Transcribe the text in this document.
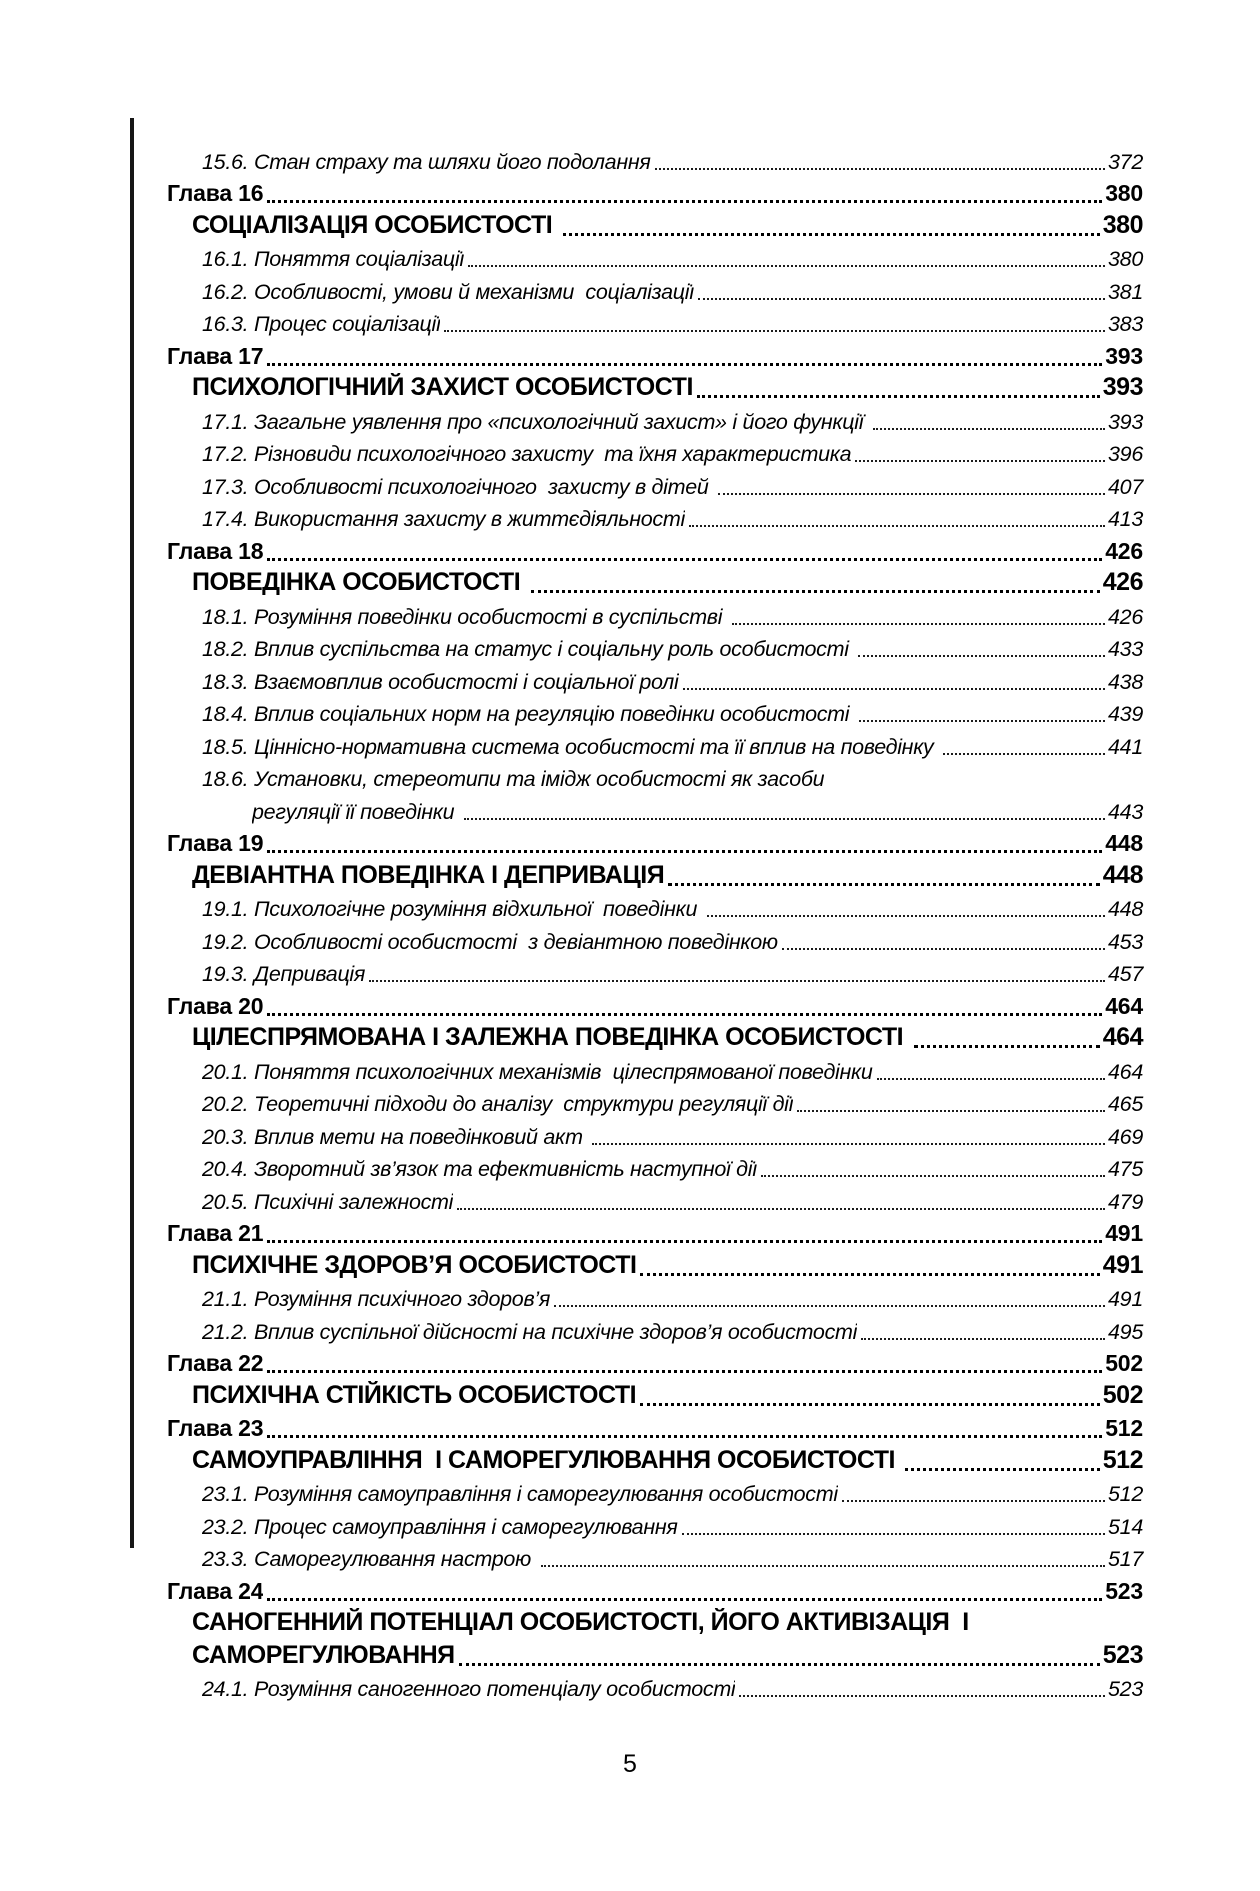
15.6. Стан страху та шляхи його подолання	372
Глава 16	380
СОЦІАЛІЗАЦІЯ ОСОБИСТОСТІ	380
16.1. Поняття соціалізації	380
16.2. Особливості, умови й механізми  соціалізації	381
16.3. Процес соціалізації	383
Глава 17	393
ПСИХОЛОГІЧНИЙ ЗАХИСТ ОСОБИСТОСТІ	393
17.1. Загальне уявлення про «психологічний захист» і його функції	393
17.2. Різновиди психологічного захисту  та їхня характеристика	396
17.3. Особливості психологічного  захисту в дітей	407
17.4. Використання захисту в життєдіяльності	413
Глава 18	426
ПОВЕДІНКА ОСОБИСТОСТІ	426
18.1. Розуміння поведінки особистості в суспільстві	426
18.2. Вплив суспільства на статус і соціальну роль особистості	433
18.3. Взаємовплив особистості і соціальної ролі	438
18.4. Вплив соціальних норм на регуляцію поведінки особистості	439
18.5. Ціннісно-нормативна система особистості та її вплив на поведінку	441
18.6. Установки, стереотипи та імідж особистості як засоби
регуляції її поведінки	443
Глава 19	448
ДЕВІАНТНА ПОВЕДІНКА І ДЕПРИВАЦІЯ	448
19.1. Психологічне розуміння відхильної  поведінки	448
19.2. Особливості особистості  з девіантною поведінкою	453
19.3. Депривація	457
Глава 20	464
ЦІЛЕСПРЯМОВАНА І ЗАЛЕЖНА ПОВЕДІНКА ОСОБИСТОСТІ	464
20.1. Поняття психологічних механізмів  цілеспрямованої поведінки	464
20.2. Теоретичні підходи до аналізу  структури регуляції дії	465
20.3. Вплив мети на поведінковий акт	469
20.4. Зворотний зв’язок та ефективність наступної дії	475
20.5. Психічні залежності	479
Глава 21	491
ПСИХІЧНЕ ЗДОРОВ’Я ОСОБИСТОСТІ	491
21.1. Розуміння психічного здоров’я	491
21.2. Вплив суспільної дійсності на психічне здоров’я особистості	495
Глава 22	502
ПСИХІЧНА СТІЙКІСТЬ ОСОБИСТОСТІ	502
Глава 23	512
САМОУПРАВЛІННЯ  І САМОРЕГУЛЮВАННЯ ОСОБИСТОСТІ	512
23.1. Розуміння самоуправління і саморегулювання особистості	512
23.2. Процес самоуправління і саморегулювання	514
23.3. Саморегулювання настрою	517
Глава 24	523
САНОГЕННИЙ ПОТЕНЦІАЛ ОСОБИСТОСТІ, ЙОГО АКТИВІЗАЦІЯ  І
САМОРЕГУЛЮВАННЯ	523
24.1. Розуміння саногенного потенціалу особистості	523
5
